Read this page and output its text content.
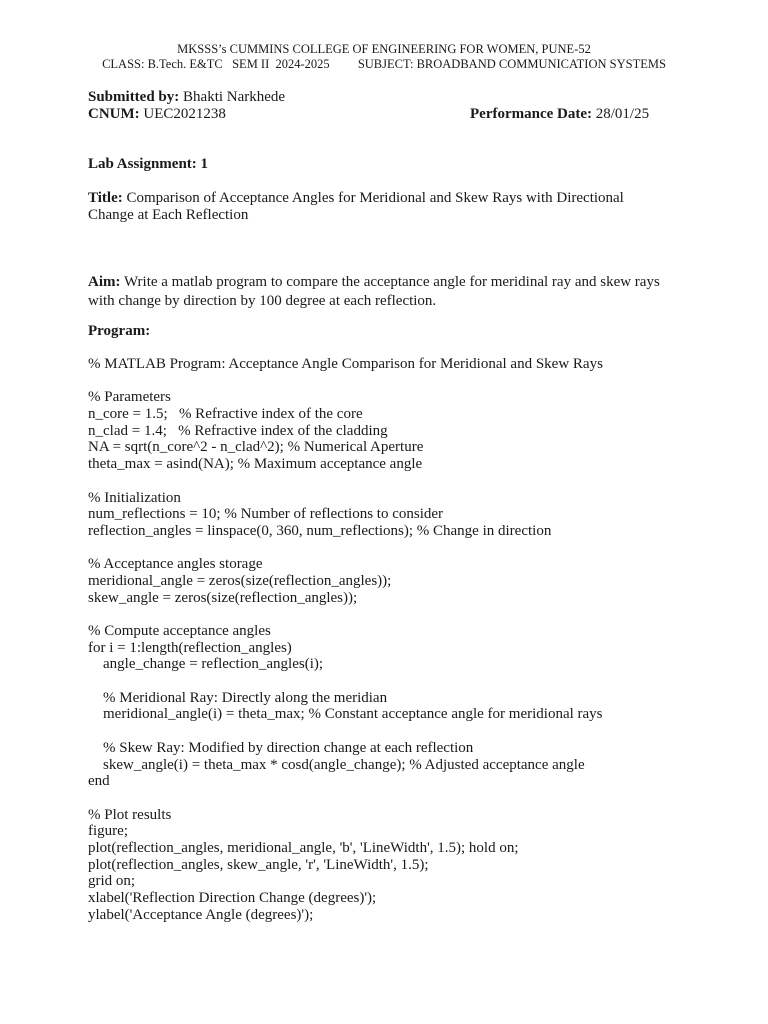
MKSSS’s CUMMINS COLLEGE OF ENGINEERING FOR WOMEN, PUNE-52

CLASS: B.Tech. E&TC   SEM II  2024-2025 SUBJECT: BROADBAND COMMUNICATION SYSTEMS
Submitted by: Bhakti Narkhede
CNUM: UEC2021238	Performance Date: 28/01/25
Lab Assignment: 1
Title: Comparison of Acceptance Angles for Meridional and Skew Rays with Directional Change at Each Reflection

Aim: Write a matlab program to compare the acceptance angle for meridinal ray and skew rays with change by direction by 100 degree at each reflection.

Program:
% MATLAB Program: Acceptance Angle Comparison for Meridional and Skew Rays
% Parameters
n_core = 1.5;   % Refractive index of the core
n_clad = 1.4;   % Refractive index of the cladding
NA = sqrt(n_core^2 - n_clad^2); % Numerical Aperture
theta_max = asind(NA); % Maximum acceptance angle
% Initialization
num_reflections = 10; % Number of reflections to consider
reflection_angles = linspace(0, 360, num_reflections); % Change in direction
% Acceptance angles storage
meridional_angle = zeros(size(reflection_angles));
skew_angle = zeros(size(reflection_angles));
% Compute acceptance angles
for i = 1:length(reflection_angles)
angle_change = reflection_angles(i);
% Meridional Ray: Directly along the meridian
meridional_angle(i) = theta_max; % Constant acceptance angle for meridional rays
% Skew Ray: Modified by direction change at each reflection
skew_angle(i) = theta_max * cosd(angle_change); % Adjusted acceptance angle
end
% Plot results
figure;
plot(reflection_angles, meridional_angle, 'b', 'LineWidth', 1.5); hold on;
plot(reflection_angles, skew_angle, 'r', 'LineWidth', 1.5);
grid on;
xlabel('Reflection Direction Change (degrees)');
ylabel('Acceptance Angle (degrees)');
